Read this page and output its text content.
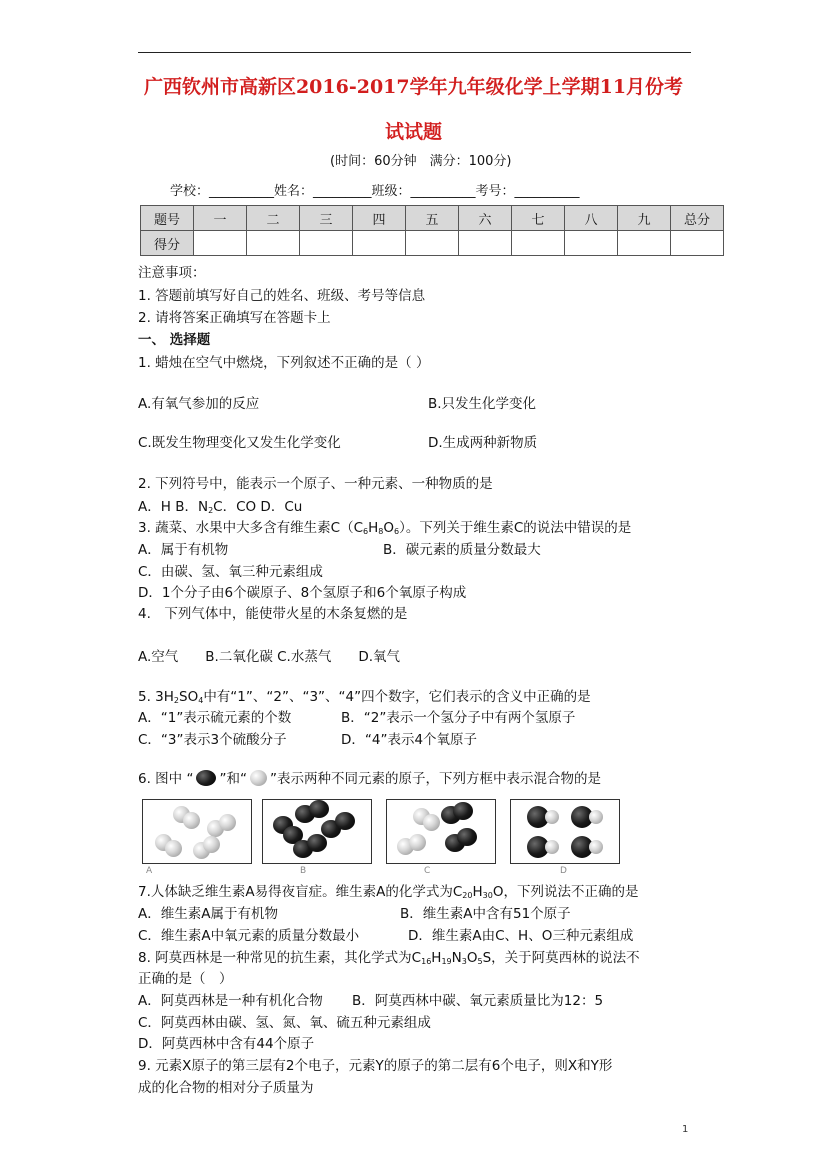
广西钦州市高新区2016-2017学年九年级化学上学期11月份考
试试题
(时间：60分钟　满分：100分)
学校：__________姓名：_________班级：__________考号：__________
题号	一	二	三	四	五	六	七	八	九	总分
得分										
注意事项：
1. 答题前填写好自己的姓名、班级、考号等信息
2. 请将答案正确填写在答题卡上
一、 选择题
1. 蜡烛在空气中燃烧，下列叙述不正确的是（ ）
A.有氧气参加的反应	B.只发生化学变化
C.既发生物理变化又发生化学变化	D.生成两种新物质
2. 下列符号中，能表示一个原子、一种元素、一种物质的是
A．H B．$N_2C$．CO D．Cu
3. 蔬菜、水果中大多含有维生素$C(C_6H_8O_6)$。下列关于维生素C的说法中错误的是
A．属于有机物	B．碳元素的质量分数最大
C．由碳、氢、氧三种元素组成
D．1个分子由6个碳原子、8个氢原子和6个氧原子构成
4.　下列气体中，能使带火星的木条复燃的是
A.空气　　B.二氧化碳 C.水蒸气　　D.氧气
5. $3H_2SO_4$中有“1”、“2”、“3”、“4”四个数字，它们表示的含义中正确的是
A．“1”表示硫元素的个数	B．“2”表示一个氢分子中有两个氢原子
C．“3”表示3个硫酸分子	D．“4”表示4个氧原子
6. 图中 “ ”和“ ”表示两种不同元素的原子，下列方框中表示混合物的是
A	B	C	D
7.人体缺乏维生素A易得夜盲症。维生素A的化学式为$C_{20}H_{30}O$，下列说法不正确的是
A．维生素A属于有机物	B．维生素A中含有51个原子
C．维生素A中氧元素的质量分数最小	D．维生素A由C、H、O三种元素组成
8. 阿莫西林是一种常见的抗生素，其化学式为$C_{16}H_{19}N_3O_5S$，关于阿莫西林的说法不
正确的是（　）
A．阿莫西林是一种有机化合物 B．阿莫西林中碳、氧元素质量比为12：5
C．阿莫西林由碳、氢、氮、氧、硫五种元素组成
D．阿莫西林中含有44个原子
9. 元素X原子的第三层有2个电子，元素Y的原子的第二层有6个电子，则X和Y形
成的化合物的相对分子质量为
1
